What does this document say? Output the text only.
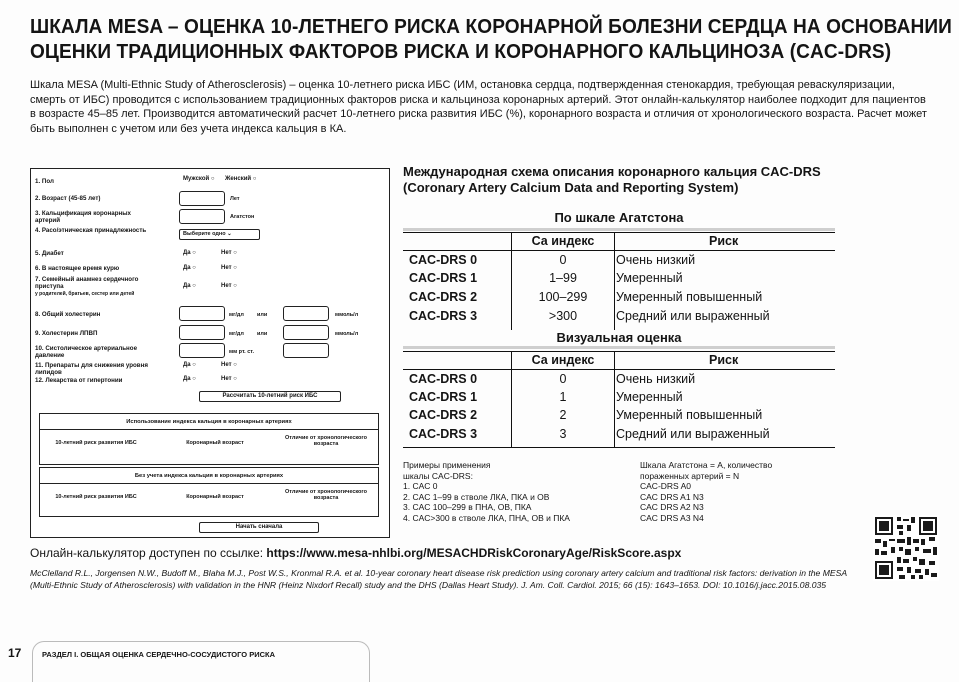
ШКАЛА MESA – ОЦЕНКА 10-ЛЕТНЕГО РИСКА КОРОНАРНОЙ БОЛЕЗНИ СЕРДЦА НА ОСНОВАНИИ
ОЦЕНКИ ТРАДИЦИОННЫХ ФАКТОРОВ РИСКА И КОРОНАРНОГО КАЛЬЦИНОЗА (CAC-DRS)
Шкала MESA (Multi-Ethnic Study of Atherosclerosis) – оценка 10-летнего риска ИБС (ИМ, остановка сердца, подтвержденная стенокардия, требующая реваскуляризации, смерть от ИБС) проводится с использованием традиционных факторов риска и кальциноза коронарных артерий. Этот онлайн-калькулятор наиболее подходит для пациентов в возрасте 45–85 лет. Производится автоматический расчет 10-летнего риска развития ИБС (%), коронарного возраста и отличия от хронологического возраста. Расчет может быть выполнен с учетом или без учета индекса кальция в КА.
1. Пол	Мужской ○ Женский ○
2. Возраст (45-85 лет)	Лет
3. Кальцификация коронарных артерий	Агатстон
4. Расо/этническая принадлежность	Выберите одно ⌄
5. Диабет	Да ○	Нет ○
6. В настоящее время курю	Да ○	Нет ○
7. Семейный анамнез сердечного приступа
у родителей, братьев, сестер или детей
Да ○	Нет ○
8. Общий холестерин	мг/дл или	ммоль/л
9. Холестерин ЛПВП	мг/дл или	ммоль/л
10. Систолическое артериальное давление	мм рт. ст.
11. Препараты для снижения уровня липидов
Да ○	Нет ○
12. Лекарства от гипертонии	Да ○	Нет ○
Рассчитать 10-летний риск ИБС
Использование индекса кальция в коронарных артериях
10-летний риск развития ИБС	Коронарный возраст
Отличие от хронологического возраста
Без учета индекса кальция в коронарных артериях
10-летний риск развития ИБС	Коронарный возраст
Отличие от хронологического возраста
Начать сначала
Международная схема описания коронарного кальция CAC-DRS
(Coronary Artery Calcium Data and Reporting System)
По шкале Агатстона
Са индекс	Риск
CAC-DRS 0	0	Очень низкий
CAC-DRS 1	1–99	Умеренный
CAC-DRS 2	100–299	Умеренный повышенный
CAC-DRS 3	>300	Средний или выраженный
Визуальная оценка
Са индекс	Риск
CAC-DRS 0	0	Очень низкий
CAC-DRS 1	1	Умеренный
CAC-DRS 2	2	Умеренный повышенный
CAC-DRS 3	3	Средний или выраженный
Примеры применения
шкалы CAC-DRS:
1. CAC 0
2. CAC 1–99 в стволе ЛКА, ПКА и ОВ
3. CAC 100–299 в ПНА, ОВ, ПКА
4. CAC>300 в стволе ЛКА, ПНА, ОВ и ПКА
Шкала Агатстона = А, количество
пораженных артерий = N
CAC-DRS A0
CAC DRS A1 N3
CAC DRS A2 N3
CAC DRS A3 N4
Онлайн-калькулятор доступен по ссылке: https://www.mesa-nhlbi.org/MESACHDRiskCoronaryAge/RiskScore.aspx
McClelland R.L., Jorgensen N.W., Budoff M., Blaha M.J., Post W.S., Kronmal R.A. et al. 10-year coronary heart disease risk prediction using coronary artery calcium and traditional risk factors: derivation in the MESA (Multi-Ethnic Study of Atherosclerosis) with validation in the HNR (Heinz Nixdorf Recall) study and the DHS (Dallas Heart Study). J. Am. Coll. Cardiol. 2015; 66 (15): 1643–1653. DOI: 10.1016/j.jacc.2015.08.035
17	РАЗДЕЛ I. ОБЩАЯ ОЦЕНКА СЕРДЕЧНО-СОСУДИСТОГО РИСКА
